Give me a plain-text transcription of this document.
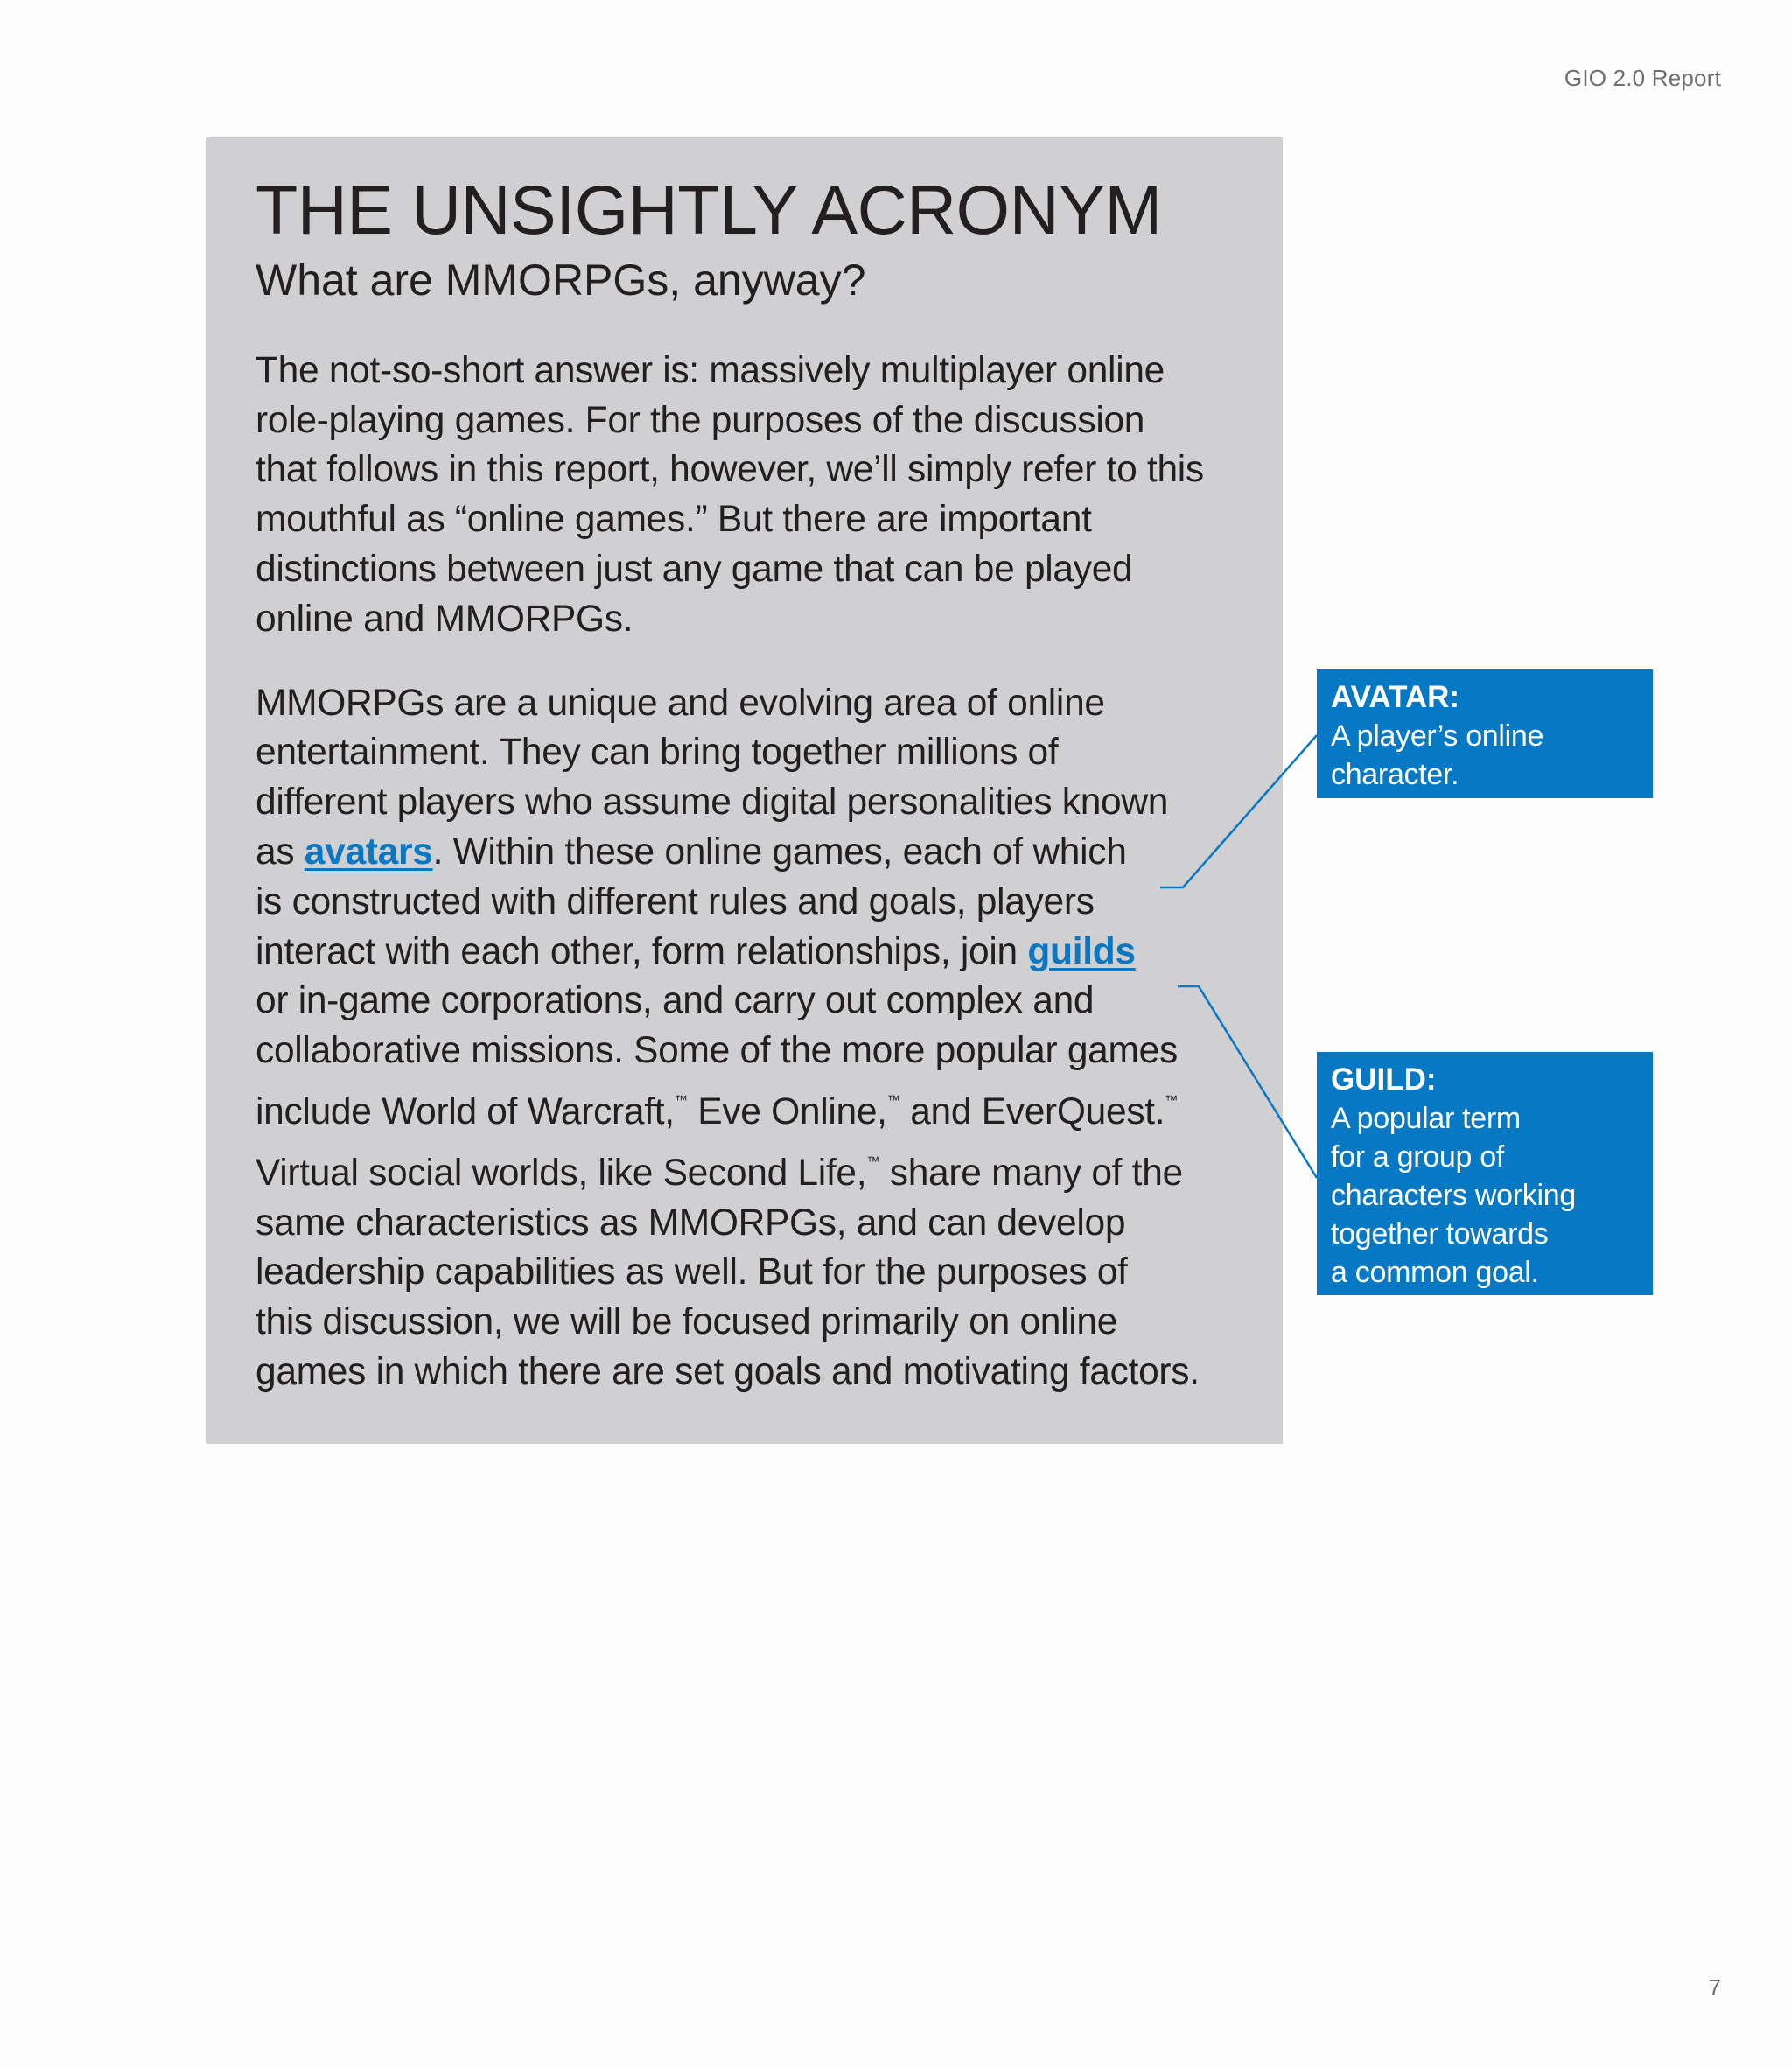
GIO 2.0 Report
THE UNSIGHTLY ACRONYM
What are MMORPGs, anyway?
The not-so-short answer is: massively multiplayer online
role-playing games. For the purposes of the discussion
that follows in this report, however, we’ll simply refer to this
mouthful as “online games.” But there are important
distinctions between just any game that can be played
online and MMORPGs.
MMORPGs are a unique and evolving area of online
entertainment. They can bring together millions of
different players who assume digital personalities known
as avatars. Within these online games, each of which
is constructed with different rules and goals, players
interact with each other, form relationships, join guilds
or in-game corporations, and carry out complex and
collaborative missions. Some of the more popular games
include World of Warcraft,™ Eve Online,™ and EverQuest.™
Virtual social worlds, like Second Life,™ share many of the
same characteristics as MMORPGs, and can develop
leadership capabilities as well. But for the purposes of
this discussion, we will be focused primarily on online
games in which there are set goals and motivating factors.
AVATAR:
A player’s online
character.
GUILD:
A popular term
for a group of
characters working
together towards
a common goal.
7
